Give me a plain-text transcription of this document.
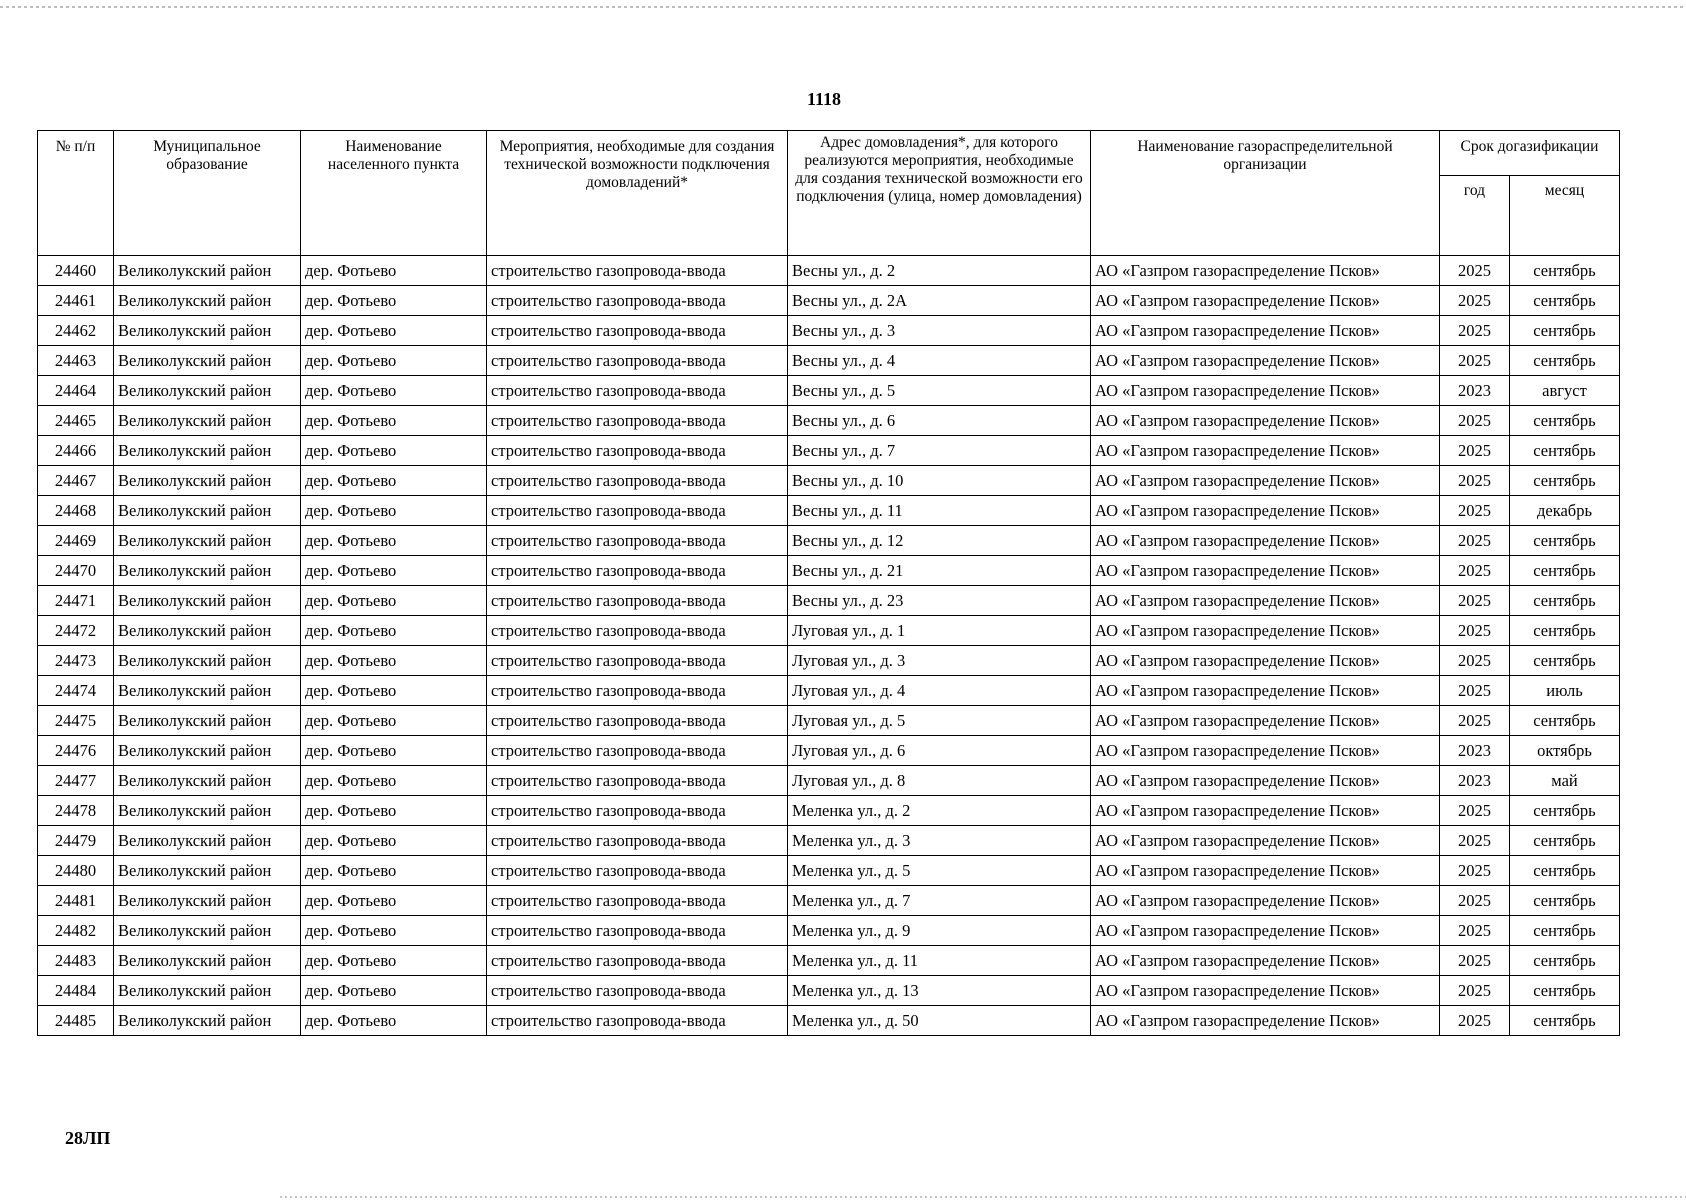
1118
№ п/п	Муниципальное образование	Наименование населенного пункта	Мероприятия, необходимые для создания технической возможности подключения домовладений*	Адрес домовладения*, для которого реализуются мероприятия, необходимые для создания технической возможности его подключения (улица, номер домовладения)	Наименование газораспределительной организации	Срок догазификации	
						год	месяц
24460	Великолукский район	дер. Фотьево	строительство газопровода-ввода	Весны ул., д. 2	АО «Газпром газораспределение Псков»	2025	сентябрь
24461	Великолукский район	дер. Фотьево	строительство газопровода-ввода	Весны ул., д. 2А	АО «Газпром газораспределение Псков»	2025	сентябрь
24462	Великолукский район	дер. Фотьево	строительство газопровода-ввода	Весны ул., д. 3	АО «Газпром газораспределение Псков»	2025	сентябрь
24463	Великолукский район	дер. Фотьево	строительство газопровода-ввода	Весны ул., д. 4	АО «Газпром газораспределение Псков»	2025	сентябрь
24464	Великолукский район	дер. Фотьево	строительство газопровода-ввода	Весны ул., д. 5	АО «Газпром газораспределение Псков»	2023	август
24465	Великолукский район	дер. Фотьево	строительство газопровода-ввода	Весны ул., д. 6	АО «Газпром газораспределение Псков»	2025	сентябрь
24466	Великолукский район	дер. Фотьево	строительство газопровода-ввода	Весны ул., д. 7	АО «Газпром газораспределение Псков»	2025	сентябрь
24467	Великолукский район	дер. Фотьево	строительство газопровода-ввода	Весны ул., д. 10	АО «Газпром газораспределение Псков»	2025	сентябрь
24468	Великолукский район	дер. Фотьево	строительство газопровода-ввода	Весны ул., д. 11	АО «Газпром газораспределение Псков»	2025	декабрь
24469	Великолукский район	дер. Фотьево	строительство газопровода-ввода	Весны ул., д. 12	АО «Газпром газораспределение Псков»	2025	сентябрь
24470	Великолукский район	дер. Фотьево	строительство газопровода-ввода	Весны ул., д. 21	АО «Газпром газораспределение Псков»	2025	сентябрь
24471	Великолукский район	дер. Фотьево	строительство газопровода-ввода	Весны ул., д. 23	АО «Газпром газораспределение Псков»	2025	сентябрь
24472	Великолукский район	дер. Фотьево	строительство газопровода-ввода	Луговая ул., д. 1	АО «Газпром газораспределение Псков»	2025	сентябрь
24473	Великолукский район	дер. Фотьево	строительство газопровода-ввода	Луговая ул., д. 3	АО «Газпром газораспределение Псков»	2025	сентябрь
24474	Великолукский район	дер. Фотьево	строительство газопровода-ввода	Луговая ул., д. 4	АО «Газпром газораспределение Псков»	2025	июль
24475	Великолукский район	дер. Фотьево	строительство газопровода-ввода	Луговая ул., д. 5	АО «Газпром газораспределение Псков»	2025	сентябрь
24476	Великолукский район	дер. Фотьево	строительство газопровода-ввода	Луговая ул., д. 6	АО «Газпром газораспределение Псков»	2023	октябрь
24477	Великолукский район	дер. Фотьево	строительство газопровода-ввода	Луговая ул., д. 8	АО «Газпром газораспределение Псков»	2023	май
24478	Великолукский район	дер. Фотьево	строительство газопровода-ввода	Меленка ул., д. 2	АО «Газпром газораспределение Псков»	2025	сентябрь
24479	Великолукский район	дер. Фотьево	строительство газопровода-ввода	Меленка ул., д. 3	АО «Газпром газораспределение Псков»	2025	сентябрь
24480	Великолукский район	дер. Фотьево	строительство газопровода-ввода	Меленка ул., д. 5	АО «Газпром газораспределение Псков»	2025	сентябрь
24481	Великолукский район	дер. Фотьево	строительство газопровода-ввода	Меленка ул., д. 7	АО «Газпром газораспределение Псков»	2025	сентябрь
24482	Великолукский район	дер. Фотьево	строительство газопровода-ввода	Меленка ул., д. 9	АО «Газпром газораспределение Псков»	2025	сентябрь
24483	Великолукский район	дер. Фотьево	строительство газопровода-ввода	Меленка ул., д. 11	АО «Газпром газораспределение Псков»	2025	сентябрь
24484	Великолукский район	дер. Фотьево	строительство газопровода-ввода	Меленка ул., д. 13	АО «Газпром газораспределение Псков»	2025	сентябрь
24485	Великолукский район	дер. Фотьево	строительство газопровода-ввода	Меленка ул., д. 50	АО «Газпром газораспределение Псков»	2025	сентябрь
28ЛП
